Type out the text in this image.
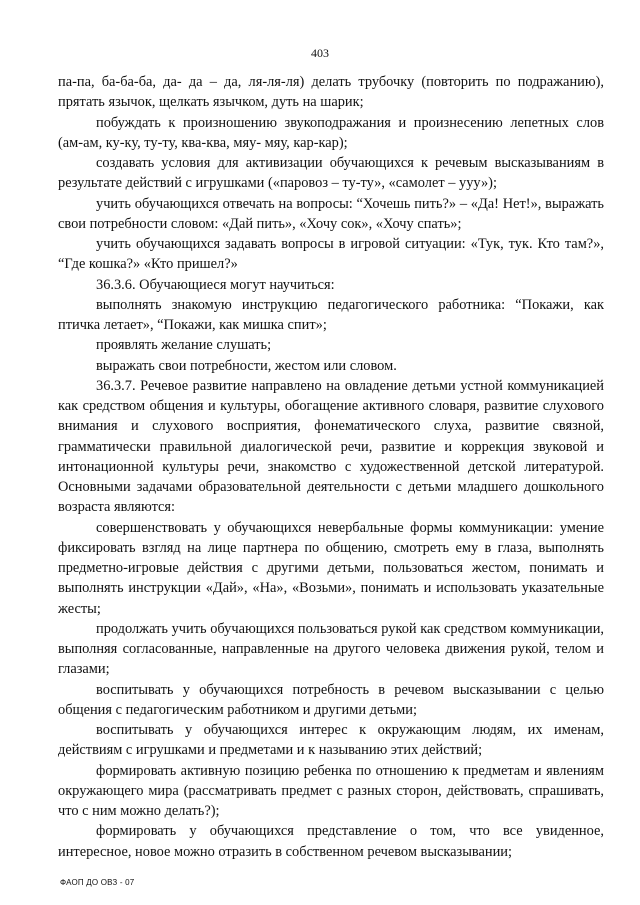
403

па-па, ба-ба-ба, да- да – да, ля-ля-ля) делать трубочку (повторить по подражанию), прятать язычок, щелкать язычком, дуть на шарик;

побуждать к произношению звукоподражания и произнесению лепетных слов (ам-ам, ку-ку, ту-ту, ква-ква, мяу- мяу, кар-кар);

создавать условия для активизации обучающихся к речевым высказываниям в результате действий с игрушками («паровоз – ту-ту», «самолет – ууу»);

учить обучающихся отвечать на вопросы: “Хочешь пить?» – «Да! Нет!», выражать свои потребности словом: «Дай пить», «Хочу сок», «Хочу спать»;

учить обучающихся задавать вопросы в игровой ситуации: «Тук, тук. Кто там?», “Где кошка?» «Кто пришел?»

36.3.6. Обучающиеся могут научиться:

выполнять знакомую инструкцию педагогического работника: “Покажи, как птичка летает», “Покажи, как мишка спит»;

проявлять желание слушать;

выражать свои потребности, жестом или словом.

36.3.7. Речевое развитие направлено на овладение детьми устной коммуникацией как средством общения и культуры, обогащение активного словаря, развитие слухового внимания и слухового восприятия, фонематического слуха, развитие связной, грамматически правильной диалогической речи, развитие и коррекция звуковой и интонационной культуры речи, знакомство с художественной детской литературой. Основными задачами образовательной деятельности с детьми младшего дошкольного возраста являются:

совершенствовать у обучающихся невербальные формы коммуникации: умение фиксировать взгляд на лице партнера по общению, смотреть ему в глаза, выполнять предметно-игровые действия с другими детьми, пользоваться жестом, понимать и выполнять инструкции «Дай», «На», «Возьми», понимать и использовать указательные жесты;

продолжать учить обучающихся пользоваться рукой как средством коммуникации, выполняя согласованные, направленные на другого человека движения рукой, телом и глазами;

воспитывать у обучающихся потребность в речевом высказывании с целью общения с педагогическим работником и другими детьми;

воспитывать у обучающихся интерес к окружающим людям, их именам, действиям с игрушками и предметами и к называнию этих действий;

формировать активную позицию ребенка по отношению к предметам и явлениям окружающего мира (рассматривать предмет с разных сторон, действовать, спрашивать, что с ним можно делать?);

формировать у обучающихся представление о том, что все увиденное, интересное, новое можно отразить в собственном речевом высказывании;

ФАОП ДО ОВЗ - 07
